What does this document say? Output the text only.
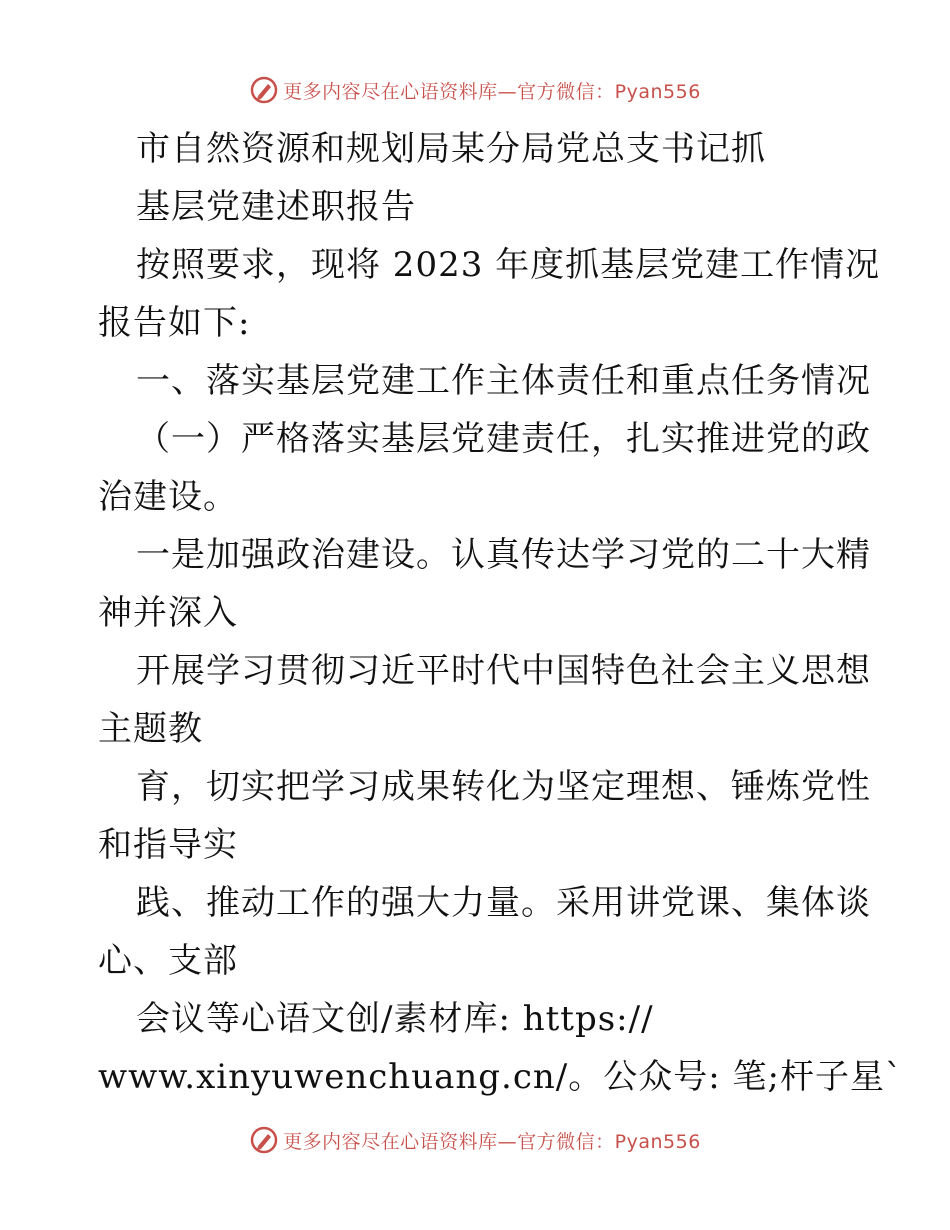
更多内容尽在心语资料库—官方微信：Pyan556

市自然资源和规划局某分局党总支书记抓

基层党建述职报告

按照要求，现将 2023 年度抓基层党建工作情况

报告如下:

一、落实基层党建工作主体责任和重点任务情况

（一）严格落实基层党建责任，扎实推进党的政

治建设。

一是加强政治建设。认真传达学习党的二十大精

神并深入

开展学习贯彻习近平时代中国特色社会主义思想

主题教

育，切实把学习成果转化为坚定理想、锤炼党性

和指导实

践、推动工作的强大力量。采用讲党课、集体谈

心、支部

会议等心语文创/素材库: https://

www.xinyuwenchuang.cn/。公众号: 笔;杆子星`

更多内容尽在心语资料库—官方微信：Pyan556
